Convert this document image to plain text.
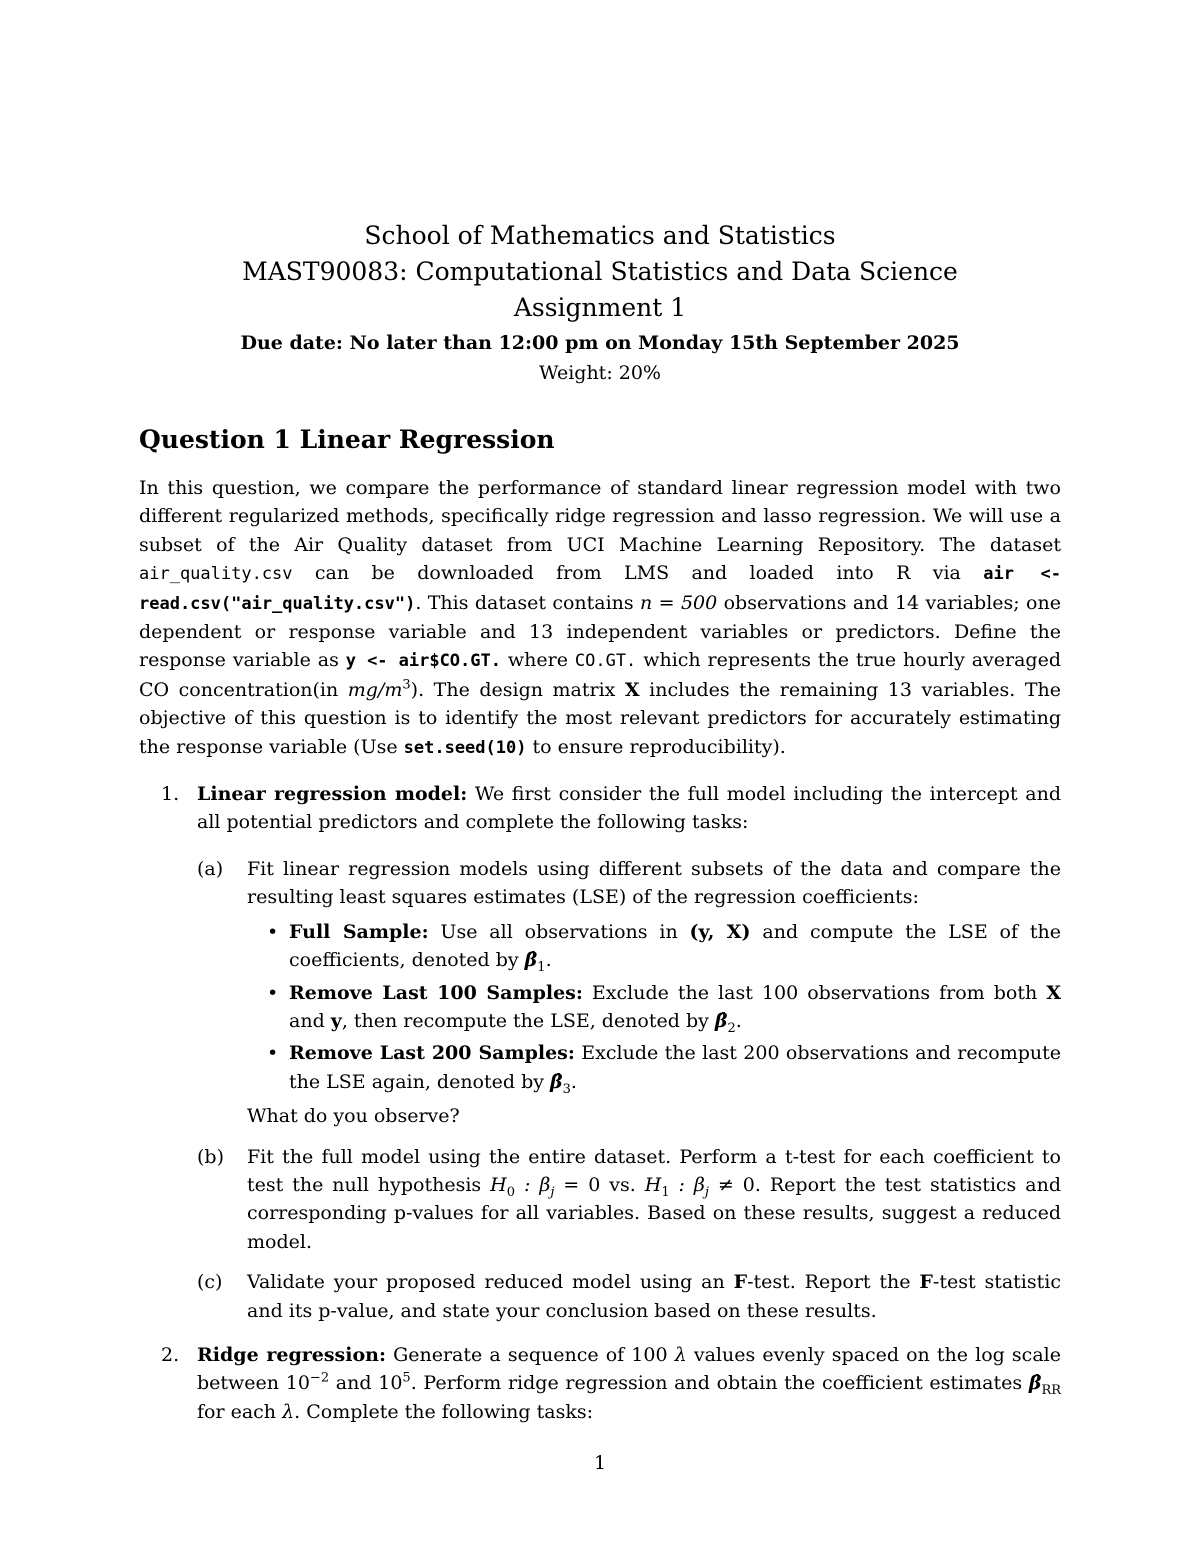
School of Mathematics and Statistics
MAST90083: Computational Statistics and Data Science
Assignment 1
Due date: No later than 12:00 pm on Monday 15th September 2025
Weight: 20%
Question 1 Linear Regression

In this question, we compare the performance of standard linear regression model with two different regularized methods, specifically ridge regression and lasso regression. We will use a subset of the Air Quality dataset from UCI Machine Learning Repository. The dataset air_quality.csv can be downloaded from LMS and loaded into R via air <- read.csv("air_quality.csv"). This dataset contains n = 500 observations and 14 variables; one dependent or response variable and 13 independent variables or predictors. Define the response variable as y <- air$CO.GT. where CO.GT. which represents the true hourly averaged CO concentration(in $mg/m^3$). The design matrix X includes the remaining 13 variables. The objective of this question is to identify the most relevant predictors for accurately estimating the response variable (Use set.seed(10) to ensure reproducibility).

1. Linear regression model: We first consider the full model including the intercept and all potential predictors and complete the following tasks:
(a) Fit linear regression models using different subsets of the data and compare the resulting least squares estimates (LSE) of the regression coefficients:
• Full Sample: Use all observations in (y, X) and compute the LSE of the coefficients, denoted by $\betâ_1$.
• Remove Last 100 Samples: Exclude the last 100 observations from both X and y, then recompute the LSE, denoted by $\betâ_2$.
• Remove Last 200 Samples: Exclude the last 200 observations and recompute the LSE again, denoted by $\betâ_3$.
What do you observe?
(b) Fit the full model using the entire dataset. Perform a t-test for each coefficient to test the null hypothesis $H_0$ : $\beta_j = 0$ vs. $H_1$ : $\beta_j \ne 0$. Report the test statistics and corresponding p-values for all variables. Based on these results, suggest a reduced model.
(c) Validate your proposed reduced model using an F-test. Report the F-test statistic and its p-value, and state your conclusion based on these results.
2. Ridge regression: Generate a sequence of 100 λ values evenly spaced on the log scale between $10^{-2}$ and $10^5$. Perform ridge regression and obtain the coefficient estimates $\betâ_{RR}$ for each λ. Complete the following tasks:
1
